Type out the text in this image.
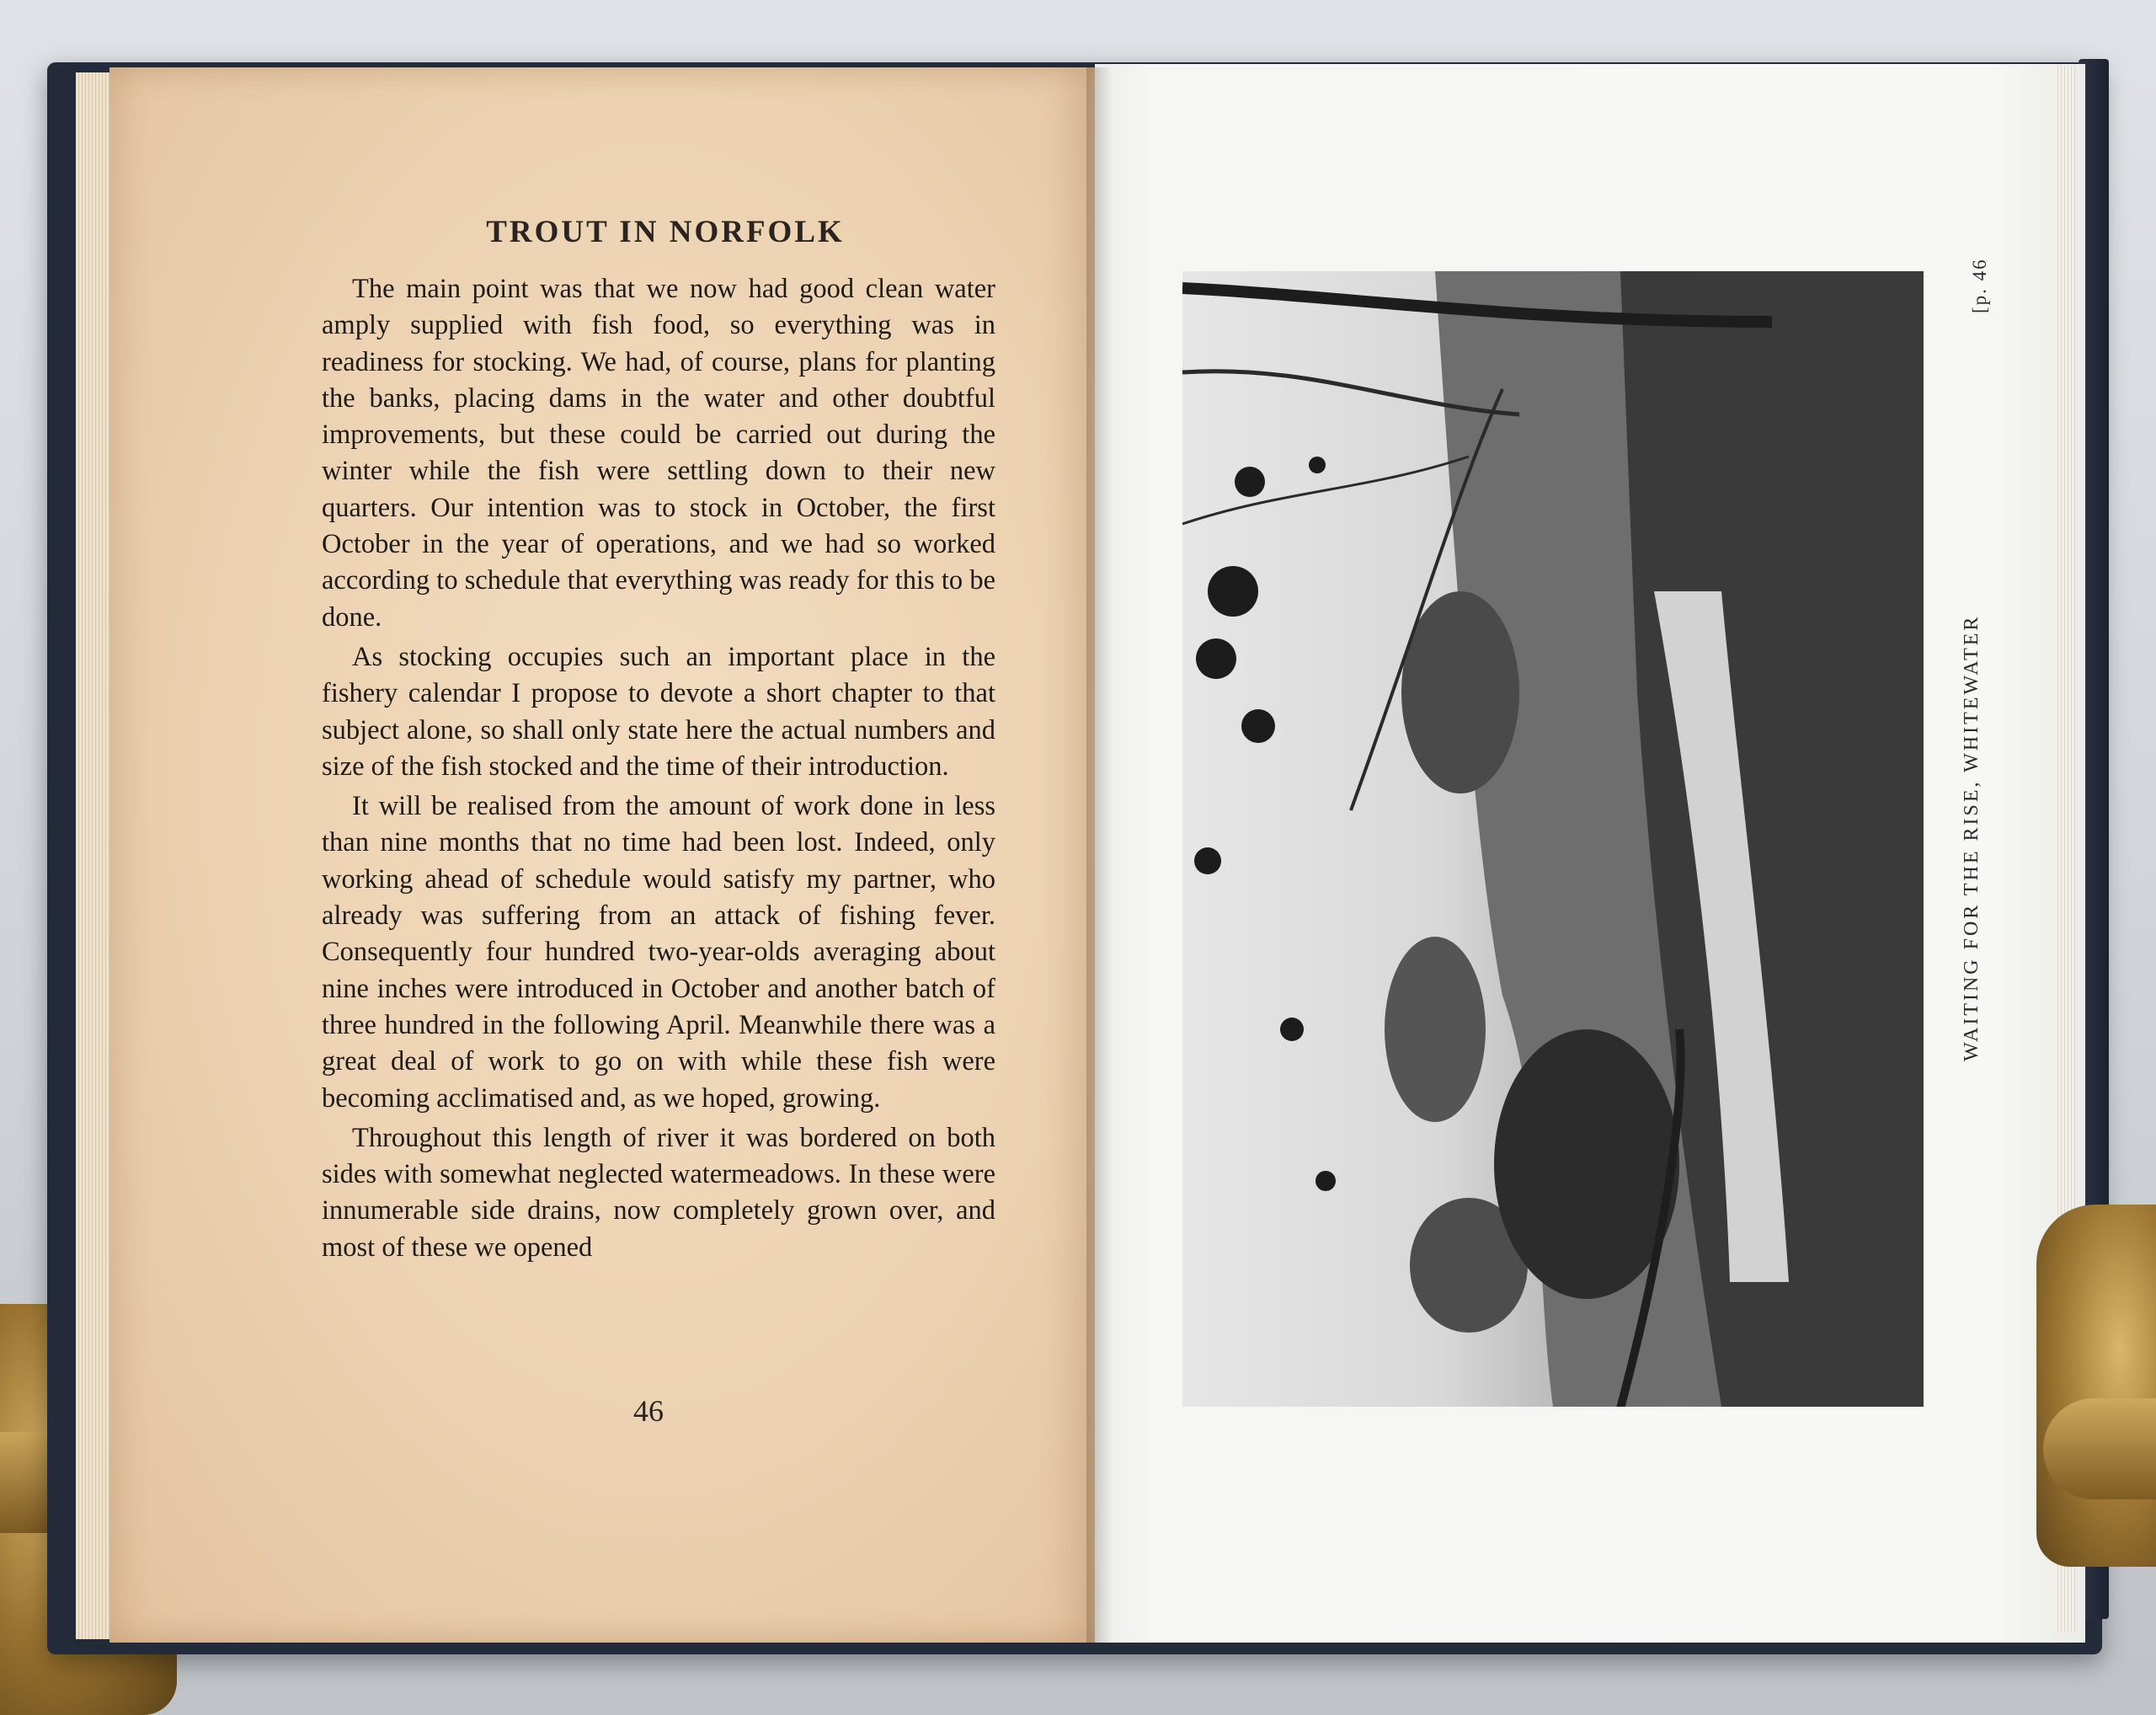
TROUT IN NORFOLK

The main point was that we now had good clean water amply supplied with fish food, so everything was in readiness for stocking. We had, of course, plans for planting the banks, placing dams in the water and other doubtful improvements, but these could be carried out during the winter while the fish were settling down to their new quarters. Our intention was to stock in October, the first October in the year of operations, and we had so worked according to schedule that everything was ready for this to be done.

As stocking occupies such an important place in the fishery calendar I propose to devote a short chapter to that subject alone, so shall only state here the actual numbers and size of the fish stocked and the time of their introduction.

It will be realised from the amount of work done in less than nine months that no time had been lost. Indeed, only working ahead of schedule would satisfy my partner, who already was suffering from an attack of fishing fever. Consequently four hundred two-year-olds averaging about nine inches were introduced in October and another batch of three hundred in the following April. Meanwhile there was a great deal of work to go on with while these fish were becoming acclimatised and, as we hoped, growing.

Throughout this length of river it was bordered on both sides with somewhat neglected watermeadows. In these were innumerable side drains, now completely grown over, and most of these we opened

46
WAITING FOR THE RISE, WHITEWATER
[p. 46
